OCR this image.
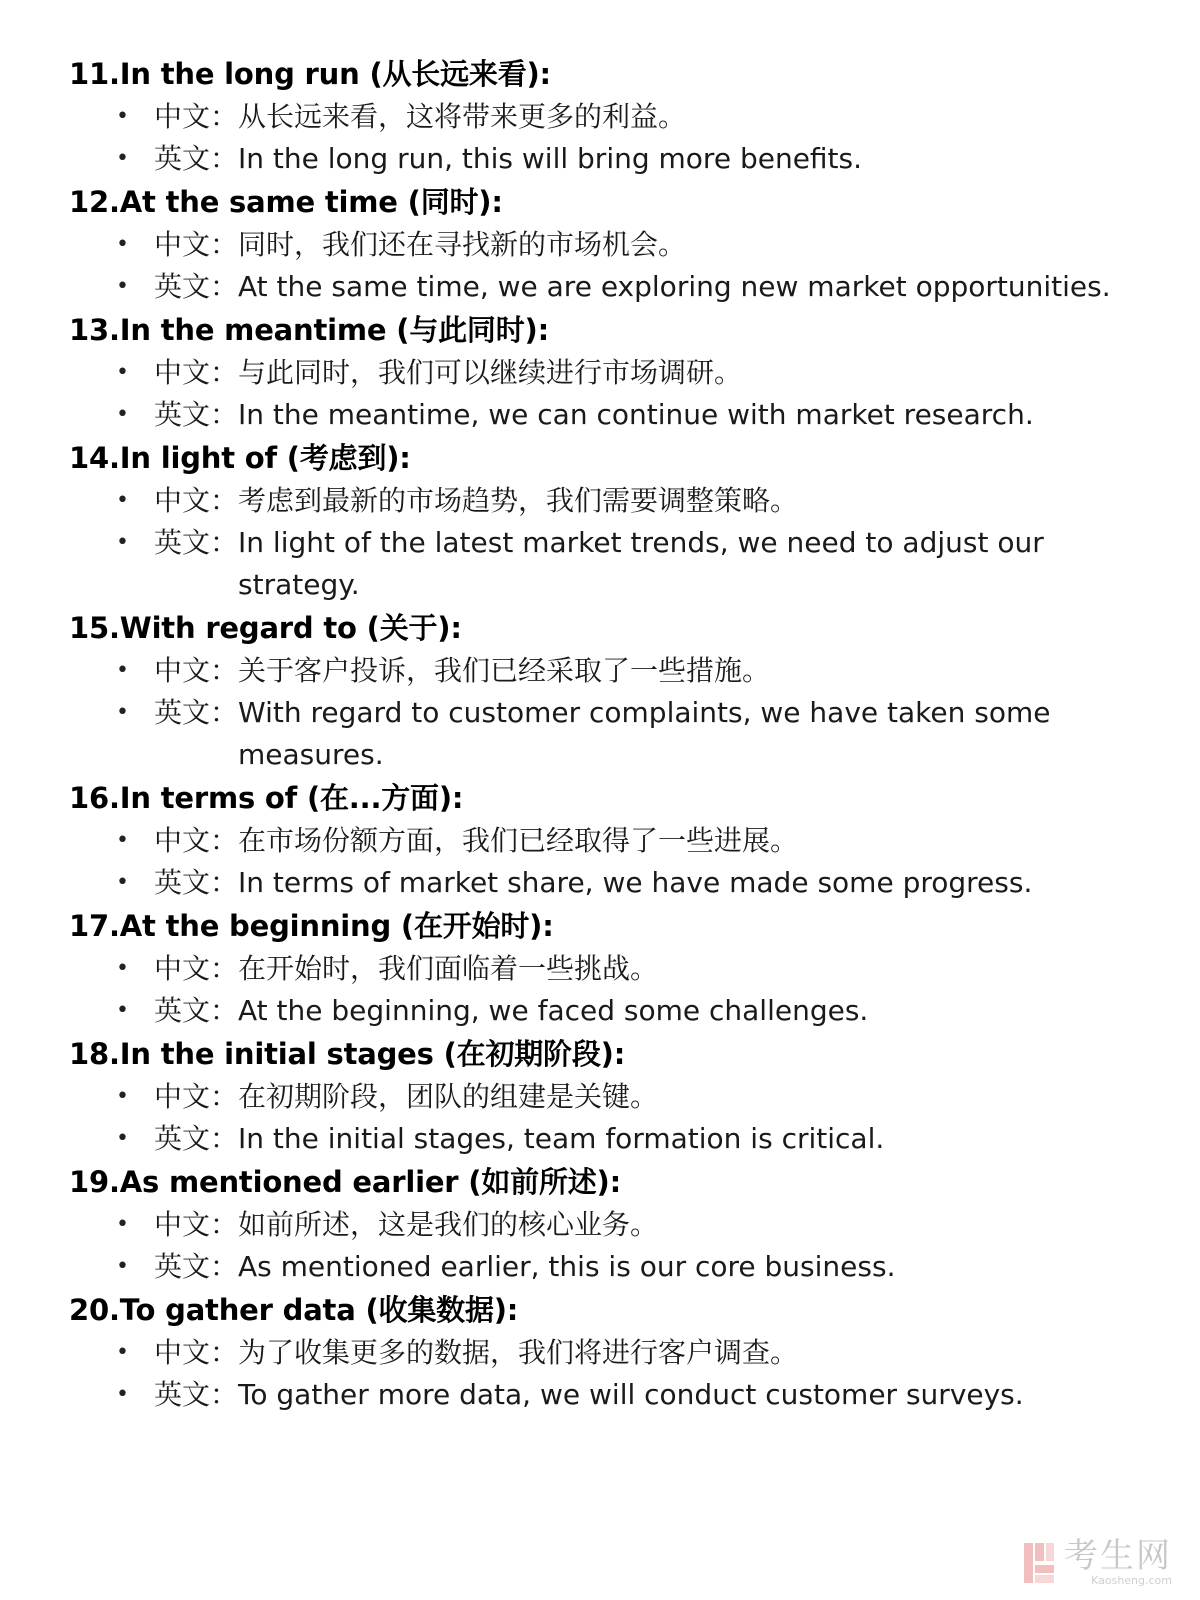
11. In the long run (从长远来看):
• 中文： 从长远来看，这将带来更多的利益。
• 英文： In the long run, this will bring more benefits.
12. At the same time (同时):
• 中文： 同时，我们还在寻找新的市场机会。
• 英文： At the same time, we are exploring new market opportunities.
13. In the meantime (与此同时):
• 中文： 与此同时，我们可以继续进行市场调研。
• 英文： In the meantime, we can continue with market research.
14. In light of (考虑到):
• 中文： 考虑到最新的市场趋势，我们需要调整策略。
• 英文： In light of the latest market trends, we need to adjust our strategy.
15. With regard to (关于):
• 中文： 关于客户投诉，我们已经采取了一些措施。
• 英文： With regard to customer complaints, we have taken some measures.
16. In terms of (在...方面):
• 中文： 在市场份额方面，我们已经取得了一些进展。
• 英文： In terms of market share, we have made some progress.
17. At the beginning (在开始时):
• 中文： 在开始时，我们面临着一些挑战。
• 英文： At the beginning, we faced some challenges.
18. In the initial stages (在初期阶段):
• 中文： 在初期阶段，团队的组建是关键。
• 英文： In the initial stages, team formation is critical.
19. As mentioned earlier (如前所述):
• 中文： 如前所述，这是我们的核心业务。
• 英文： As mentioned earlier, this is our core business.
20. To gather data (收集数据):
• 中文： 为了收集更多的数据，我们将进行客户调查。
• 英文： To gather more data, we will conduct customer surveys.
考生网
Kaosheng.com
